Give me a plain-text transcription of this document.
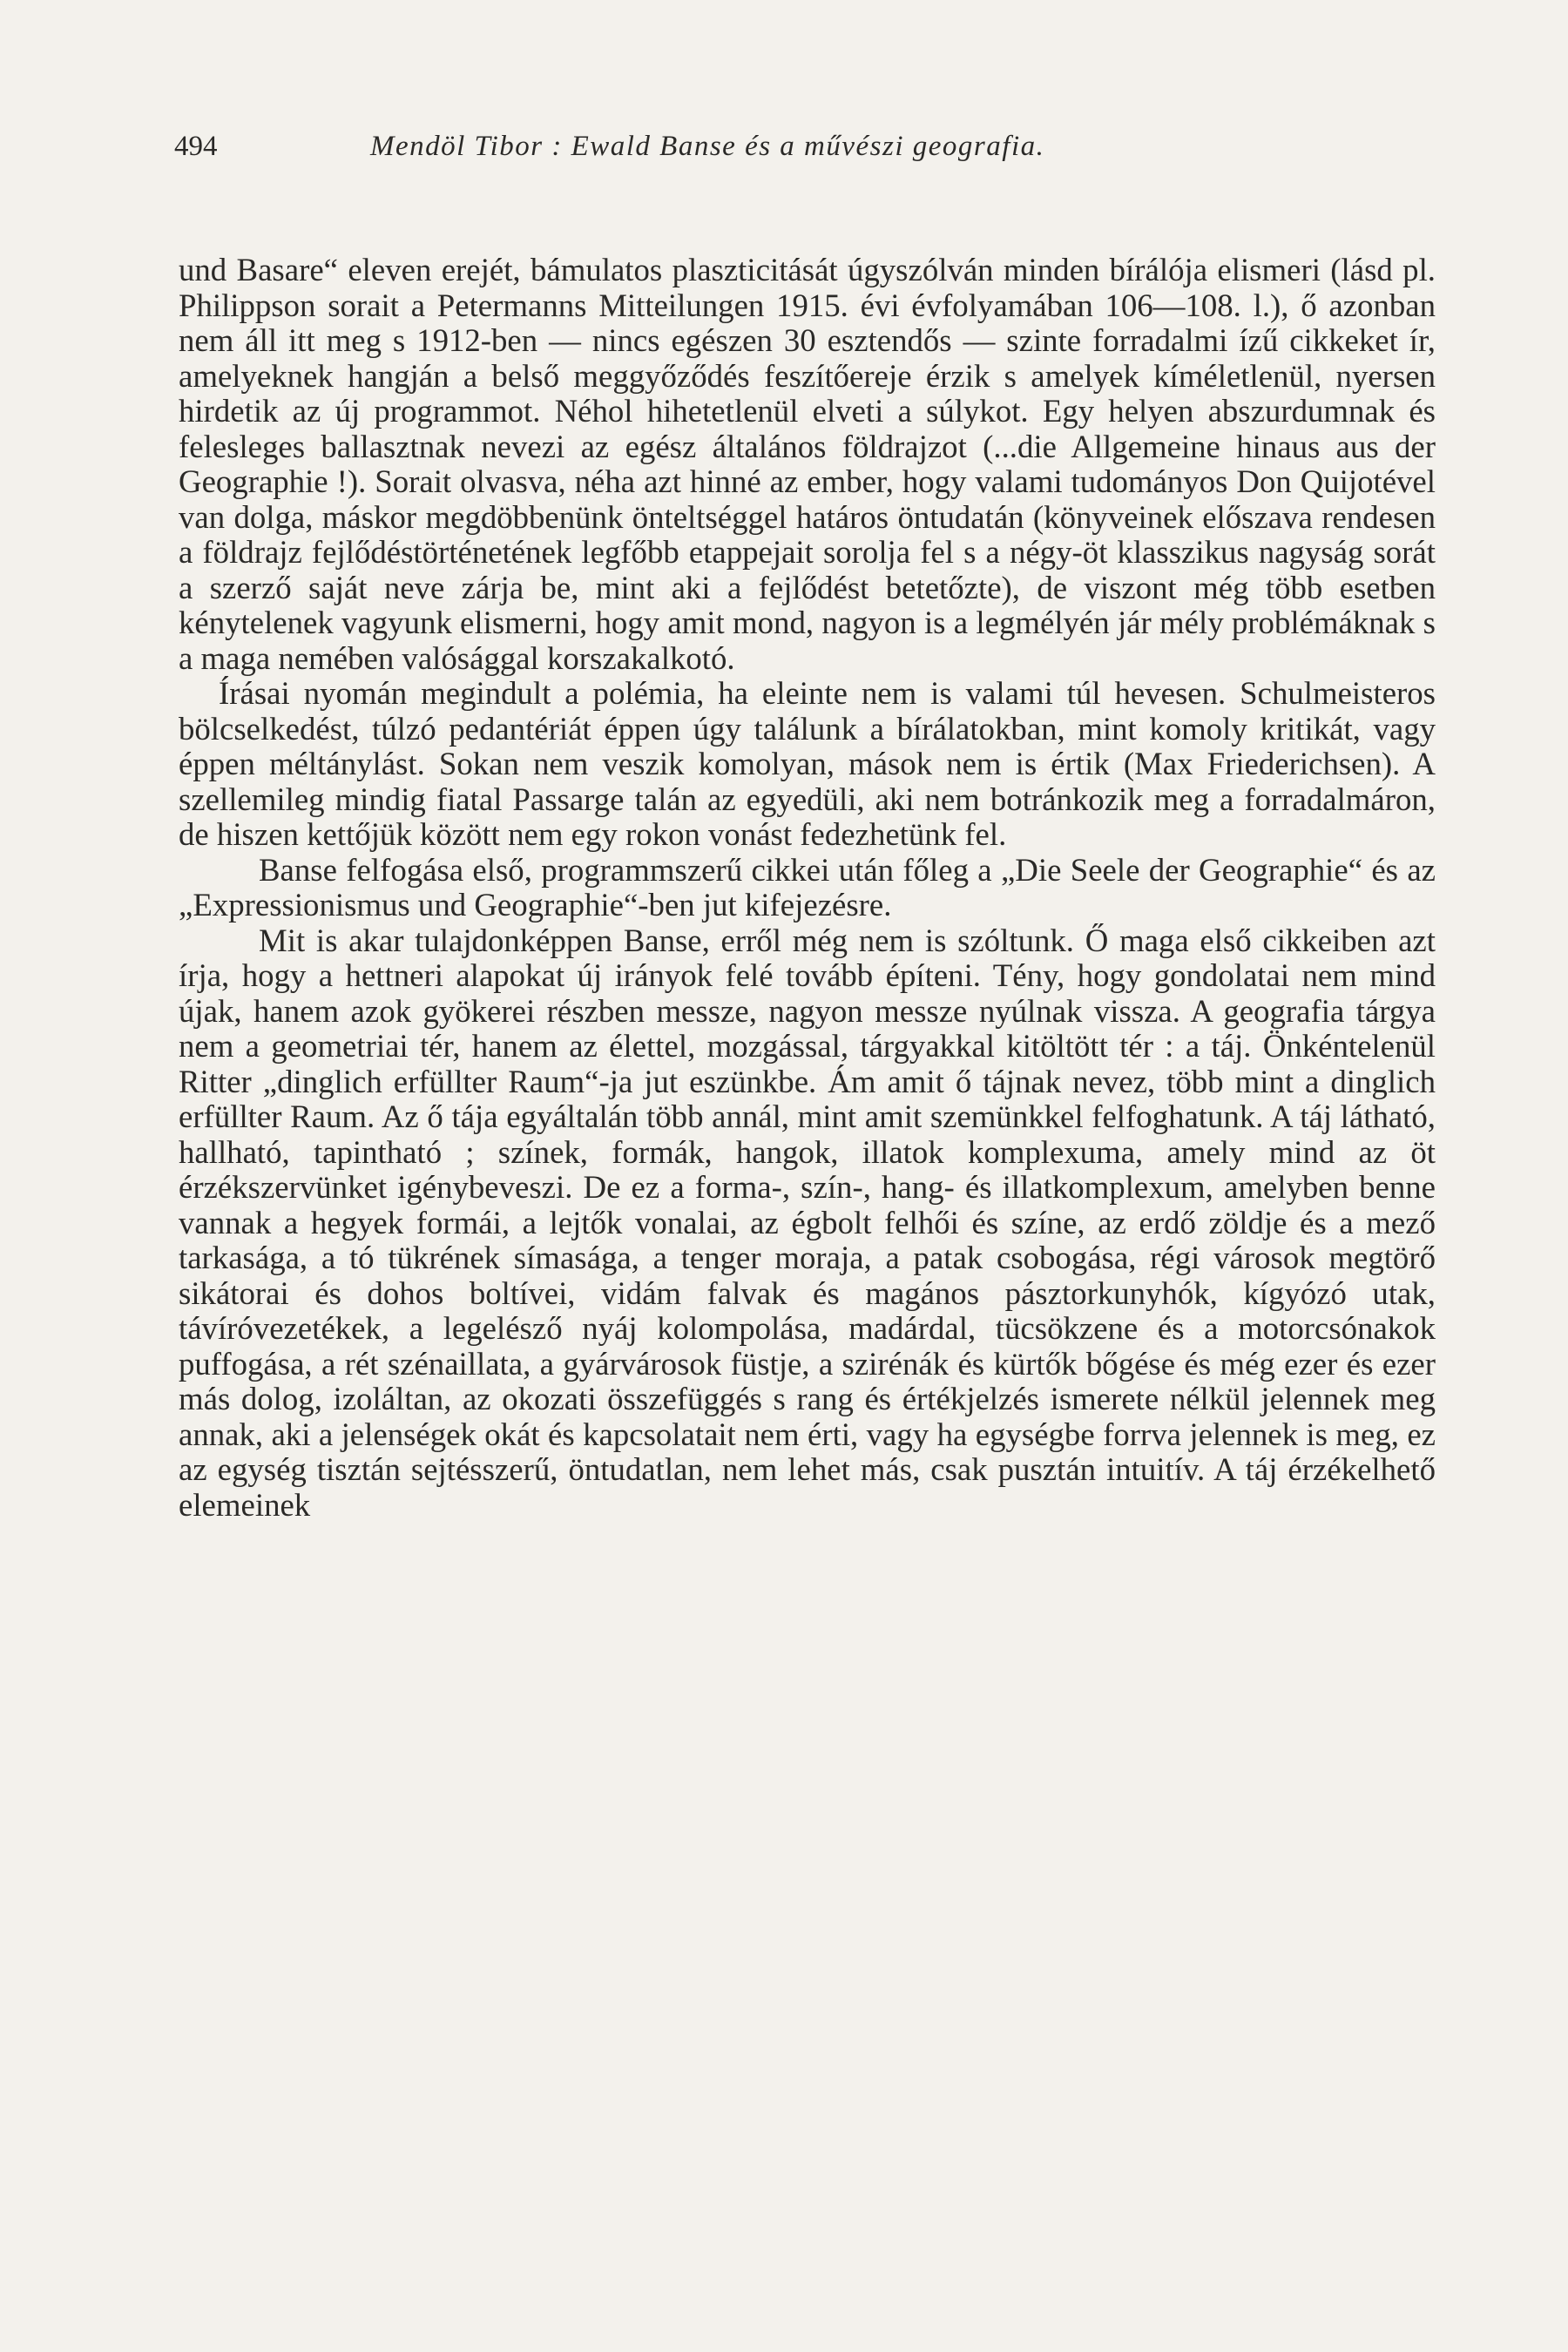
494	Mendöl Tibor : Ewald Banse és a művészi geografia.

und Basare“ eleven erejét, bámulatos plaszticitását úgyszólván minden bírálója elismeri (lásd pl. Philippson sorait a Petermanns Mitteilungen 1915. évi évfolyamában 106—108. l.), ő azonban nem áll itt meg s 1912-ben — nincs egészen 30 esztendős — szinte forradalmi ízű cikkeket ír, amelyeknek hangján a belső meggyőződés feszítőereje érzik s amelyek kíméletlenül, nyersen hirdetik az új programmot. Néhol hihetetlenül elveti a súlykot. Egy helyen abszurdumnak és felesleges ballasztnak nevezi az egész általános földrajzot (...die Allgemeine hinaus aus der Geographie !). Sorait olvasva, néha azt hinné az ember, hogy valami tudományos Don Quijotével van dolga, máskor megdöbbenünk önteltséggel határos öntudatán (könyveinek előszava rendesen a földrajz fejlődéstörténetének legfőbb etappejait sorolja fel s a négy-öt klasszikus nagyság sorát a szerző saját neve zárja be, mint aki a fejlődést betetőzte), de viszont még több esetben kénytelenek vagyunk elismerni, hogy amit mond, nagyon is a legmélyén jár mély problémáknak s a maga nemében valósággal korszakalkotó.

Írásai nyomán megindult a polémia, ha eleinte nem is valami túl hevesen. Schulmeisteros bölcselkedést, túlzó pedantériát éppen úgy találunk a bírálatokban, mint komoly kritikát, vagy éppen méltánylást. Sokan nem veszik komolyan, mások nem is értik (Max Friederichsen). A szellemileg mindig fiatal Passarge talán az egyedüli, aki nem botránkozik meg a forradalmáron, de hiszen kettőjük között nem egy rokon vonást fedezhetünk fel.

Banse felfogása első, programmszerű cikkei után főleg a „Die Seele der Geographie“ és az „Expressionismus und Geographie“-ben jut kifejezésre.

Mit is akar tulajdonképpen Banse, erről még nem is szóltunk. Ő maga első cikkeiben azt írja, hogy a hettneri alapokat új irányok felé tovább építeni. Tény, hogy gondolatai nem mind újak, hanem azok gyökerei részben messze, nagyon messze nyúlnak vissza. A geografia tárgya nem a geometriai tér, hanem az élettel, mozgással, tárgyakkal kitöltött tér : a táj. Önkéntelenül Ritter „dinglich erfüllter Raum“-ja jut eszünkbe. Ám amit ő tájnak nevez, több mint a dinglich erfüllter Raum. Az ő tája egyáltalán több annál, mint amit szemünkkel felfoghatunk. A táj látható, hallható, tapintható ; színek, formák, hangok, illatok komplexuma, amely mind az öt érzékszervünket igénybeveszi. De ez a forma-, szín-, hang- és illatkomplexum, amelyben benne vannak a hegyek formái, a lejtők vonalai, az égbolt felhői és színe, az erdő zöldje és a mező tarkasága, a tó tükrének símasága, a tenger moraja, a patak csobogása, régi városok megtörő sikátorai és dohos boltívei, vidám falvak és magános pásztorkunyhók, kígyózó utak, távíróvezetékek, a legelésző nyáj kolompolása, madárdal, tücsökzene és a motorcsónakok puffogása, a rét szénaillata, a gyárvárosok füstje, a szirénák és kürtők bőgése és még ezer és ezer más dolog, izoláltan, az okozati összefüggés s rang és értékjelzés ismerete nélkül jelennek meg annak, aki a jelenségek okát és kapcsolatait nem érti, vagy ha egységbe forrva jelennek is meg, ez az egység tisztán sejtésszerű, öntudatlan, nem lehet más, csak pusztán intuitív. A táj érzékelhető elemeinek
